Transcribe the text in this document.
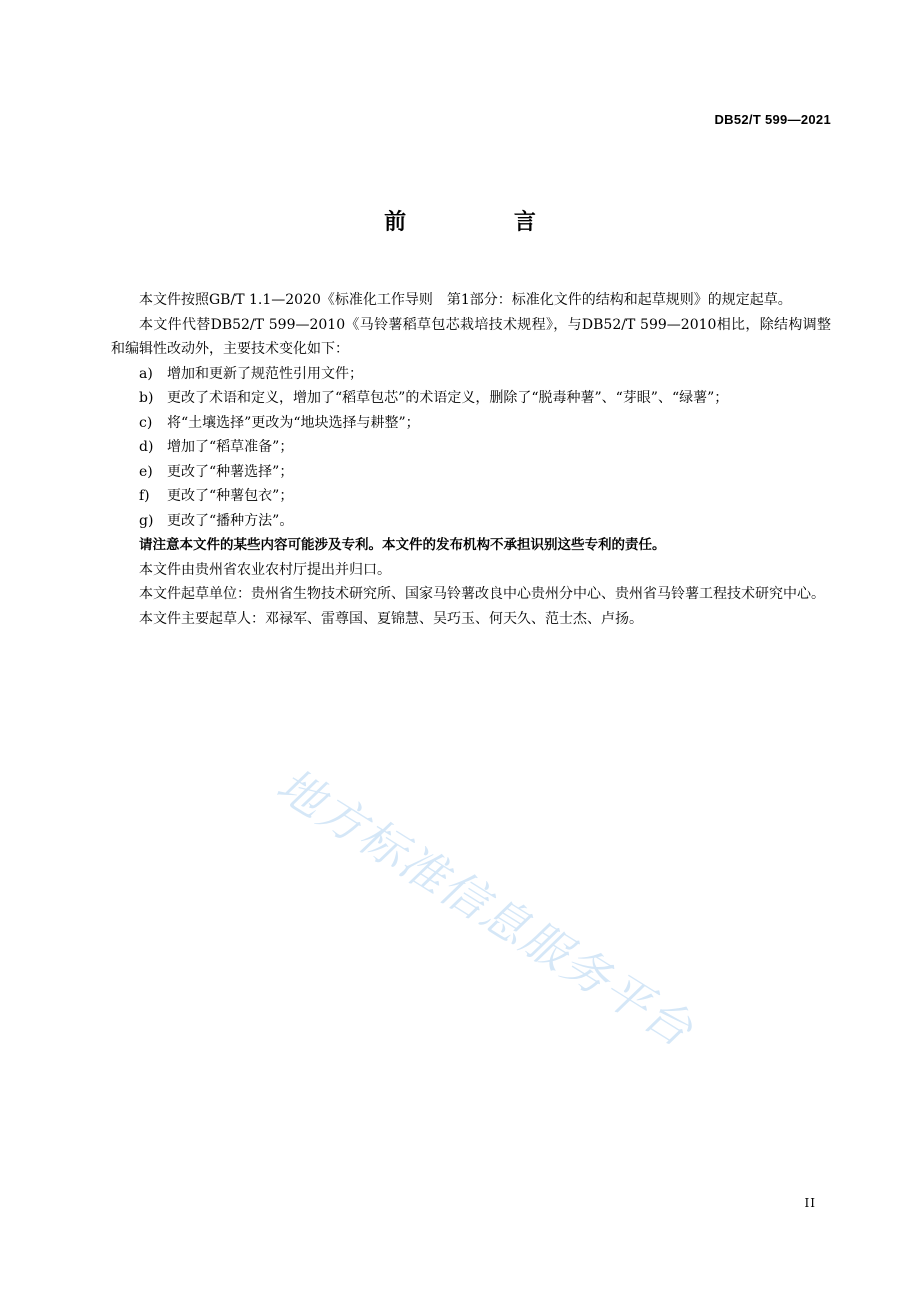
DB52/T 599—2021
前 言

本文件按照GB/T 1.1—2020《标准化工作导则　第1部分：标准化文件的结构和起草规则》的规定起草。

本文件代替DB52/T 599—2010《马铃薯稻草包芯栽培技术规程》，与DB52/T 599—2010相比，除结构调整和编辑性改动外，主要技术变化如下：

a) 增加和更新了规范性引用文件；

b) 更改了术语和定义，增加了“稻草包芯”的术语定义，删除了“脱毒种薯”、“芽眼”、“绿薯”；

c) 将“土壤选择”更改为“地块选择与耕整”；

d) 增加了“稻草准备”；

e) 更改了“种薯选择”；

f) 更改了“种薯包衣”；

g) 更改了“播种方法”。

请注意本文件的某些内容可能涉及专利。本文件的发布机构不承担识别这些专利的责任。

本文件由贵州省农业农村厅提出并归口。

本文件起草单位：贵州省生物技术研究所、国家马铃薯改良中心贵州分中心、贵州省马铃薯工程技术研究中心。

本文件主要起草人：邓禄军、雷尊国、夏锦慧、吴巧玉、何天久、范士杰、卢扬。

地方标准信息服务平台
II
